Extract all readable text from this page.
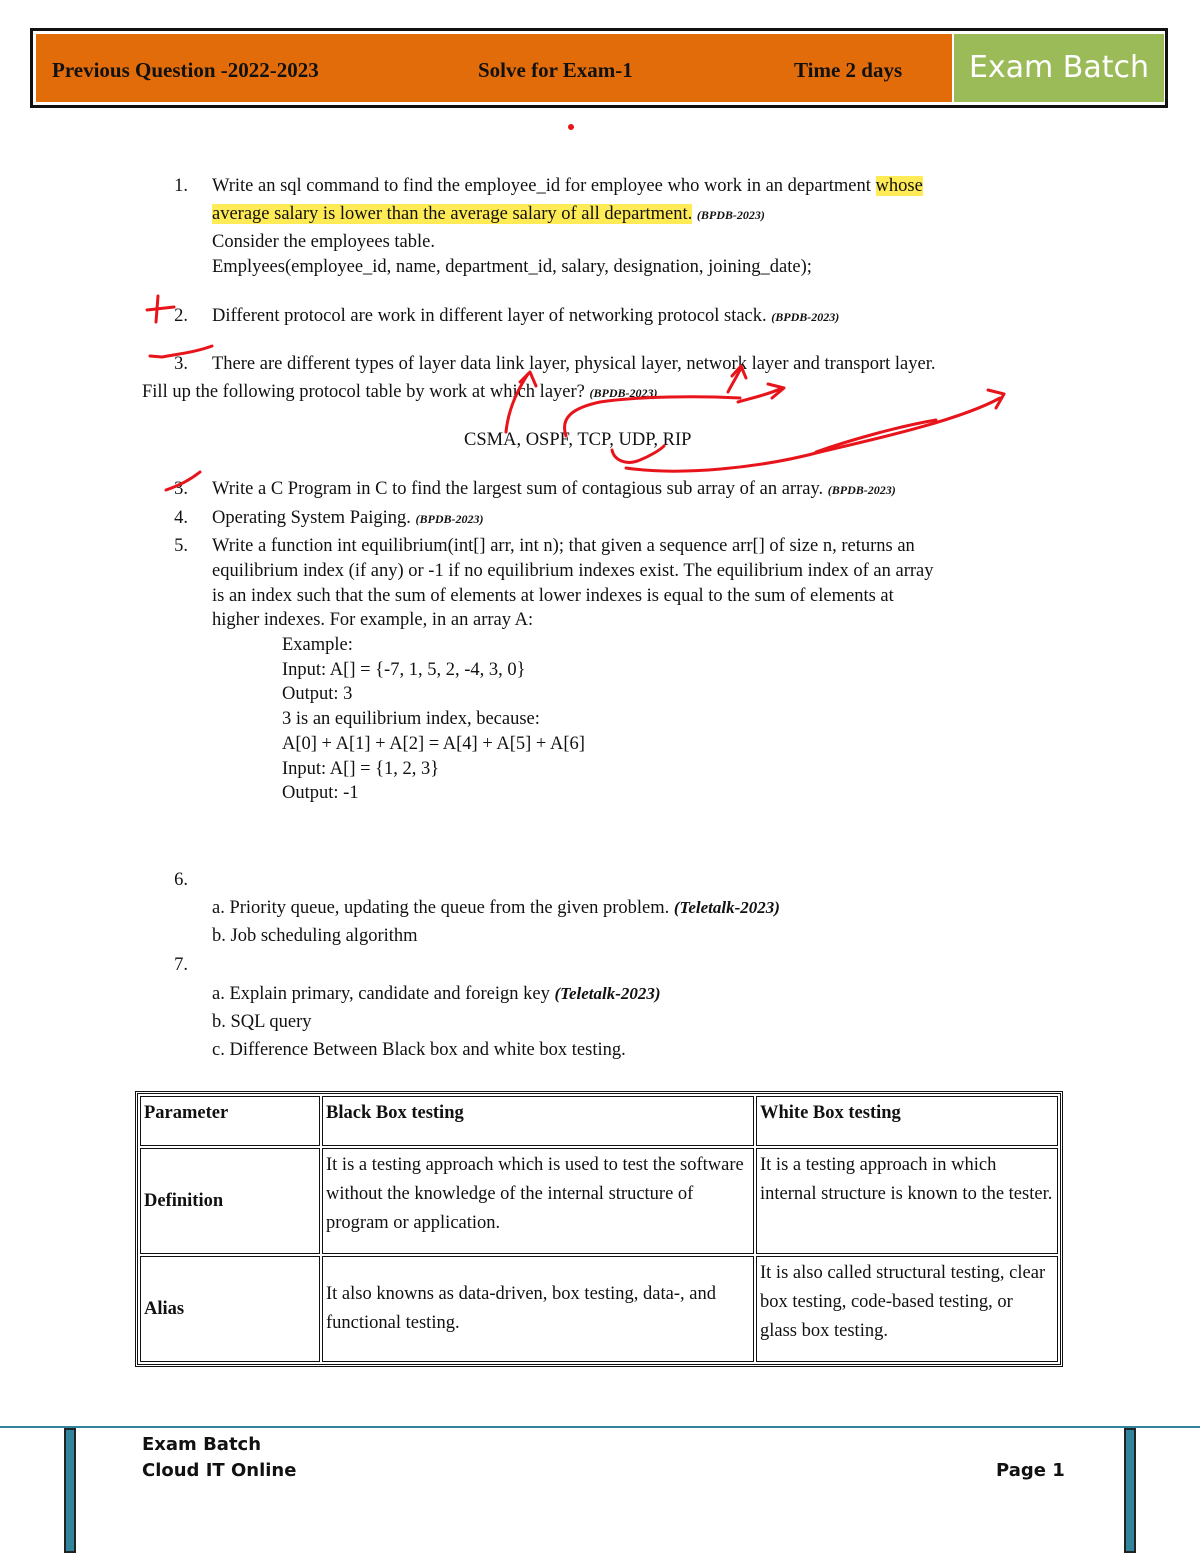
Previous Question -2022-2023	Solve for Exam-1	Time 2 days	Exam Batch
1. Write an sql command to find the employee_id for employee who work in an department whose
average salary is lower than the average salary of all department. (BPDB-2023)
Consider the employees table.
Emplyees(employee_id, name, department_id, salary, designation, joining_date);
2. Different protocol are work in different layer of networking protocol stack. (BPDB-2023)
3. There are different types of layer data link layer, physical layer, network layer and transport layer.
Fill up the following protocol table by work at which layer? (BPDB-2023)
CSMA, OSPF, TCP, UDP, RIP
3. Write a C Program in C to find the largest sum of contagious sub array of an array. (BPDB-2023)
4. Operating System Paiging. (BPDB-2023)
5. Write a function int equilibrium(int[] arr, int n); that given a sequence arr[] of size n, returns an
equilibrium index (if any) or -1 if no equilibrium indexes exist. The equilibrium index of an array
is an index such that the sum of elements at lower indexes is equal to the sum of elements at
higher indexes. For example, in an array A:
Example:
Input: A[] = {-7, 1, 5, 2, -4, 3, 0}
Output: 3
3 is an equilibrium index, because:
A[0] + A[1] + A[2] = A[4] + A[5] + A[6]
Input: A[] = {1, 2, 3}
Output: -1
6.
a. Priority queue, updating the queue from the given problem. (Teletalk-2023)
b. Job scheduling algorithm
7.
a. Explain primary, candidate and foreign key (Teletalk-2023)
b. SQL query
c. Difference Between Black box and white box testing.
Parameter	Black Box testing	White Box testing
Definition	It is a testing approach which is used to test the software without the knowledge of the internal structure of program or application.	It is a testing approach in which internal structure is known to the tester.
Alias	It also knowns as data-driven, box testing, data-, and functional testing.	It is also called structural testing, clear box testing, code-based testing, or glass box testing.
Exam Batch
Cloud IT Online	Page 1
